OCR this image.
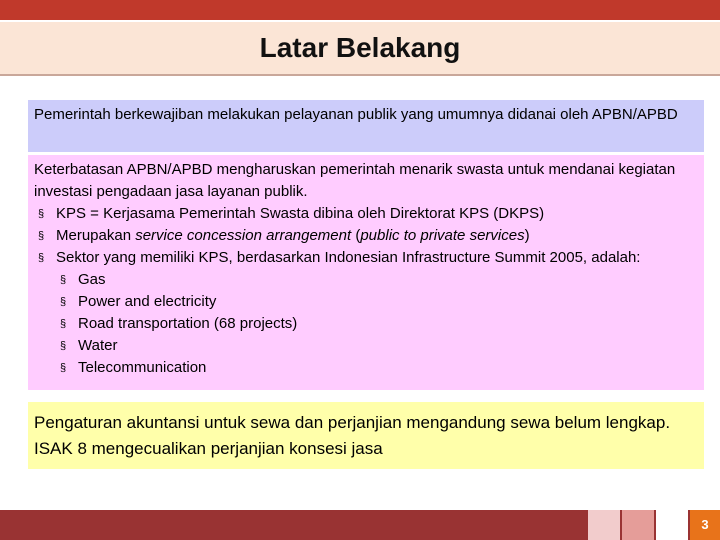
Latar Belakang
Pemerintah berkewajiban melakukan pelayanan publik yang umumnya didanai oleh APBN/APBD
Keterbatasan APBN/APBD mengharuskan pemerintah menarik swasta untuk mendanai kegiatan investasi pengadaan jasa layanan publik.
§ KPS = Kerjasama Pemerintah Swasta dibina oleh Direktorat KPS (DKPS)
§ Merupakan service concession arrangement (public to private services)
§ Sektor yang memiliki KPS, berdasarkan Indonesian Infrastructure Summit 2005, adalah:
§ Gas
§ Power and electricity
§ Road transportation (68 projects)
§ Water
§ Telecommunication
Pengaturan akuntansi untuk sewa dan perjanjian mengandung sewa belum lengkap.
ISAK 8 mengecualikan perjanjian konsesi jasa
3
